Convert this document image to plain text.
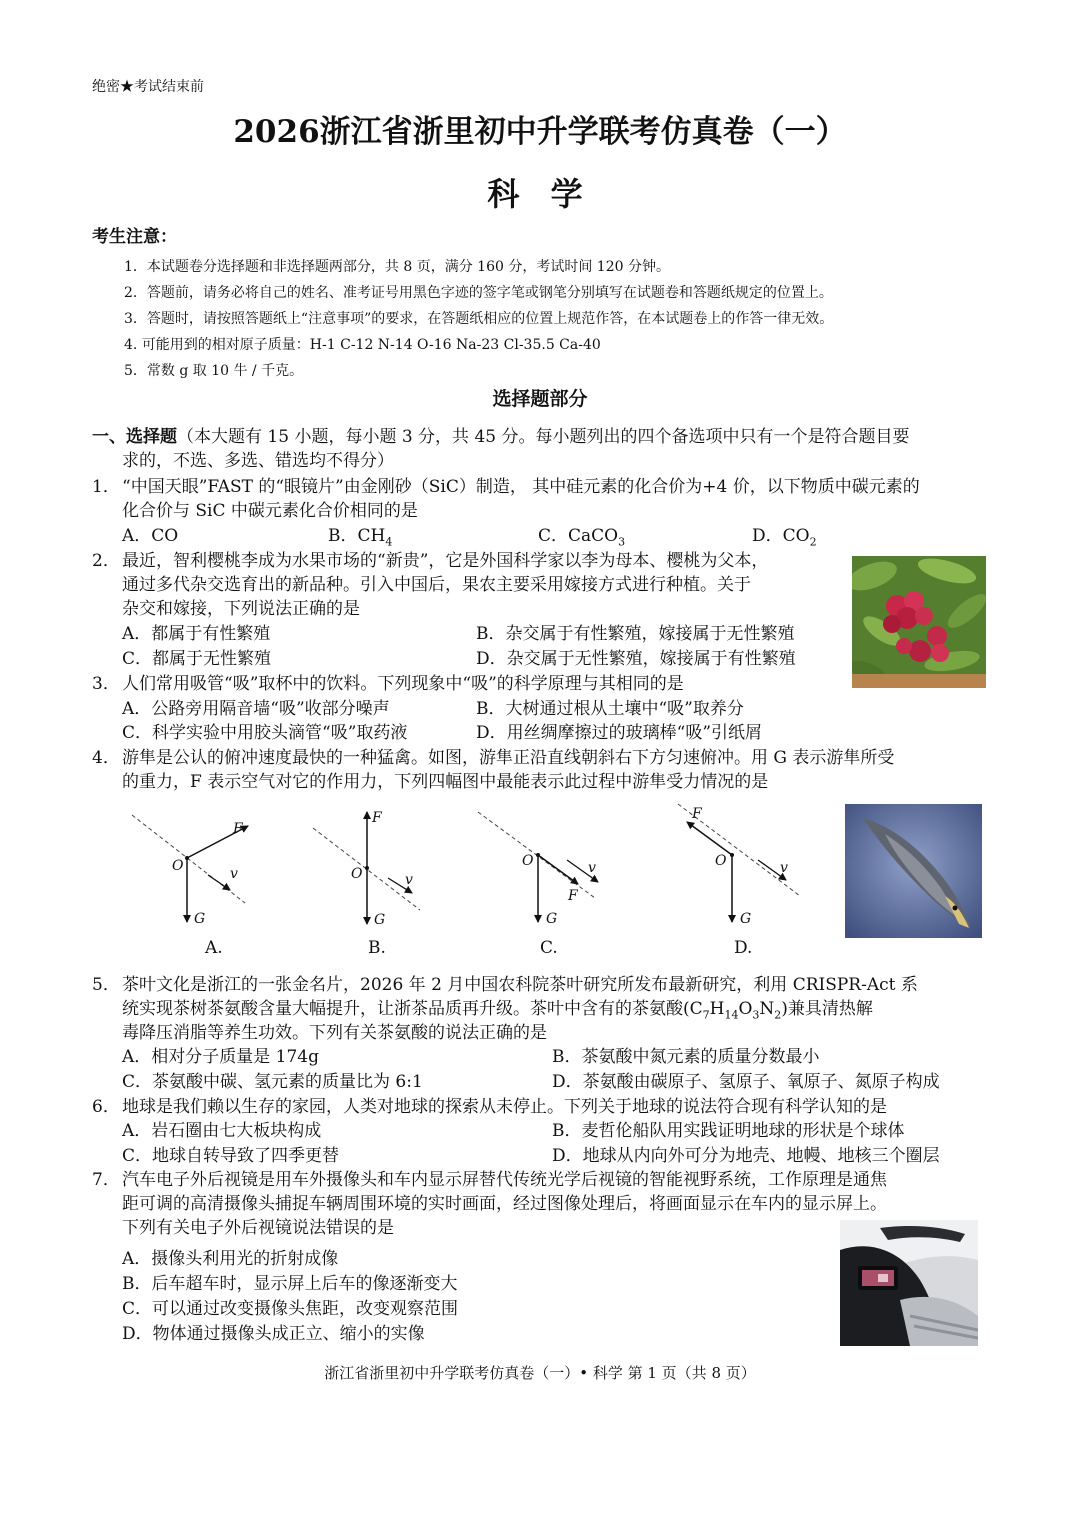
绝密★考试结束前
2026浙江省浙里初中升学联考仿真卷（一）
科 学
考生注意：
1．本试题卷分选择题和非选择题两部分，共 8 页，满分 160 分，考试时间 120 分钟。
2．答题前，请务必将自己的姓名、准考证号用黑色字迹的签字笔或钢笔分别填写在试题卷和答题纸规定的位置上。
3．答题时，请按照答题纸上“注意事项”的要求，在答题纸相应的位置上规范作答，在本试题卷上的作答一律无效。
4. 可能用到的相对原子质量：H-1 C-12 N-14 O-16 Na-23 Cl-35.5 Ca-40
5．常数 g 取 10 牛 / 千克。
选择题部分
一、选择题（本大题有 15 小题，每小题 3 分，共 45 分。每小题列出的四个备选项中只有一个是符合题目要
求的，不选、多选、错选均不得分）
1． “中国天眼”FAST 的“眼镜片”由金刚砂（SiC）制造， 其中硅元素的化合价为+4 价，以下物质中碳元素的
化合价与 SiC 中碳元素化合价相同的是
A．CO	B．$CH_4$	C．CaCO$_3$	D．$CO_2$
2． 最近，智利樱桃李成为水果市场的“新贵”，它是外国科学家以李为母本、樱桃为父本，
通过多代杂交选育出的新品种。引入中国后，果农主要采用嫁接方式进行种植。关于
杂交和嫁接，下列说法正确的是
A．都属于有性繁殖	B．杂交属于有性繁殖，嫁接属于无性繁殖
C．都属于无性繁殖	D．杂交属于无性繁殖，嫁接属于有性繁殖
3． 人们常用吸管“吸”取杯中的饮料。下列现象中“吸”的科学原理与其相同的是
A．公路旁用隔音墙“吸”收部分噪声	B．大树通过根从土壤中“吸”取养分
C．科学实验中用胶头滴管“吸”取药液	D．用丝绸摩擦过的玻璃棒“吸”引纸屑
4． 游隼是公认的俯冲速度最快的一种猛禽。如图，游隼正沿直线朝斜右下方匀速俯冲。用 G 表示游隼所受
的重力，F 表示空气对它的作用力，下列四幅图中最能表示此过程中游隼受力情况的是
O
F
v
G
O
F
v
G
O
F
v
G
O
F
v
G
A.	B.	C.	D.
5． 茶叶文化是浙江的一张金名片，2026 年 2 月中国农科院茶叶研究所发布最新研究，利用 CRISPR-Act 系
统实现茶树茶氨酸含量大幅提升，让浙茶品质再升级。茶叶中含有的茶氨酸$(C_7H_{14}O_3N_2)$兼具清热解
毒降压消脂等养生功效。下列有关茶氨酸的说法正确的是
A．相对分子质量是 174g	B．茶氨酸中氮元素的质量分数最小
C．茶氨酸中碳、氢元素的质量比为 6:1	D．茶氨酸由碳原子、氢原子、氧原子、氮原子构成
6． 地球是我们赖以生存的家园，人类对地球的探索从未停止。下列关于地球的说法符合现有科学认知的是
A．岩石圈由七大板块构成	B．麦哲伦船队用实践证明地球的形状是个球体
C．地球自转导致了四季更替	D．地球从内向外可分为地壳、地幔、地核三个圈层
7． 汽车电子外后视镜是用车外摄像头和车内显示屏替代传统光学后视镜的智能视野系统，工作原理是通焦
距可调的高清摄像头捕捉车辆周围环境的实时画面，经过图像处理后，将画面显示在车内的显示屏上。
下列有关电子外后视镜说法错误的是
A．摄像头利用光的折射成像
B．后车超车时，显示屏上后车的像逐渐变大
C．可以通过改变摄像头焦距，改变观察范围
D．物体通过摄像头成正立、缩小的实像
浙江省浙里初中升学联考仿真卷（一）• 科学 第 1 页（共 8 页）
